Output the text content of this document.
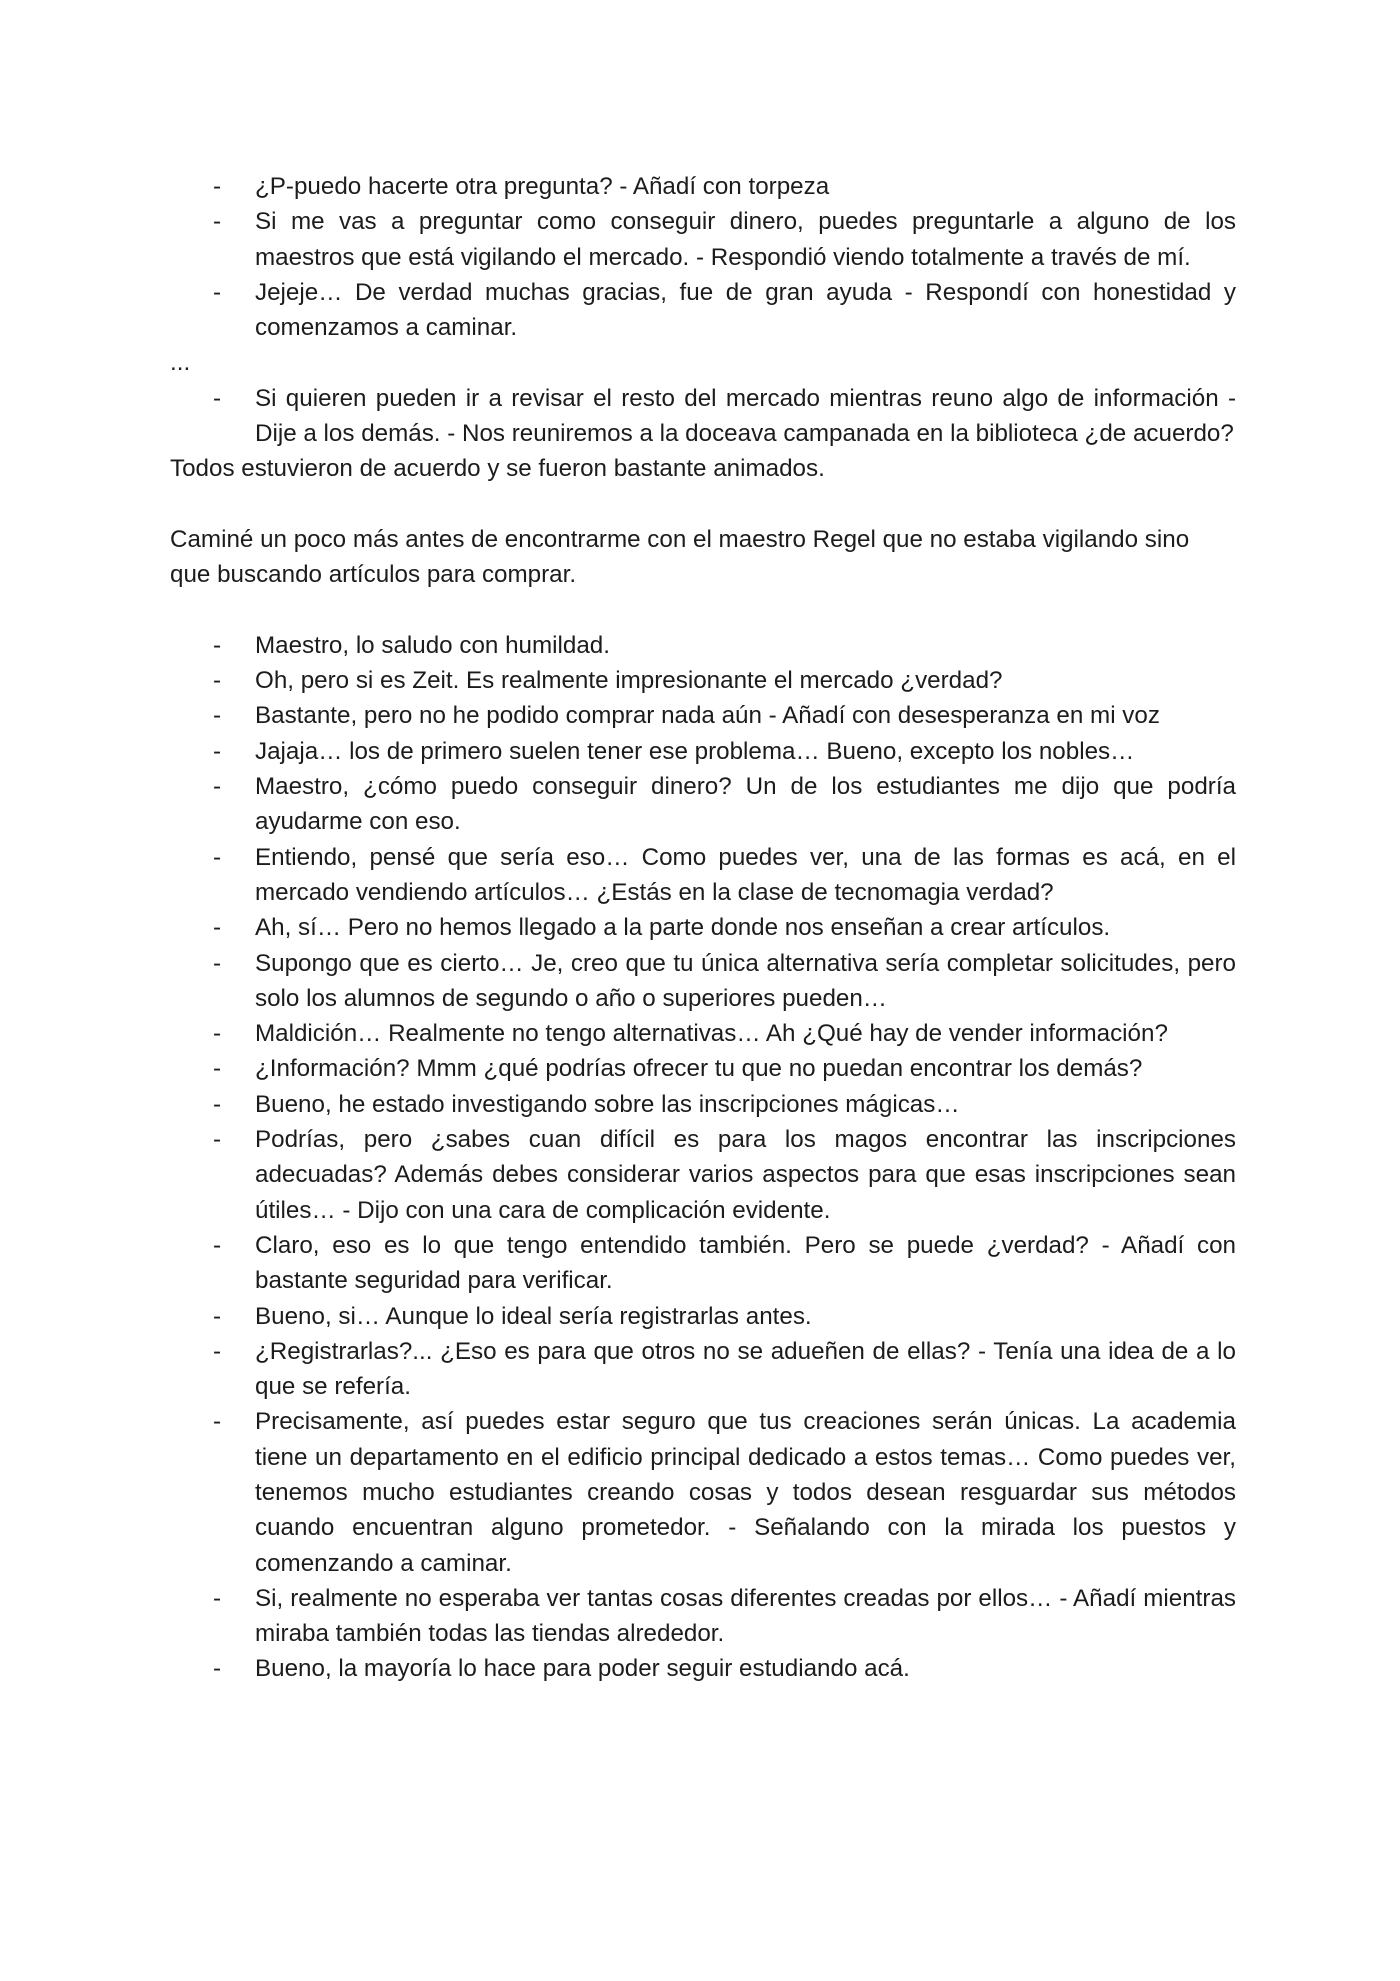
- ¿P-puedo hacerte otra pregunta? - Añadí con torpeza
- Si me vas a preguntar como conseguir dinero, puedes preguntarle a alguno de los maestros que está vigilando el mercado. - Respondió viendo totalmente a través de mí.
- Jejeje… De verdad muchas gracias, fue de gran ayuda - Respondí con honestidad y comenzamos a caminar.
...
- Si quieren pueden ir a revisar el resto del mercado mientras reuno algo de información - Dije a los demás. - Nos reuniremos a la doceava campanada en la biblioteca ¿de acuerdo?
Todos estuvieron de acuerdo y se fueron bastante animados.
Caminé un poco más antes de encontrarme con el maestro Regel que no estaba vigilando sino que buscando artículos para comprar.
- Maestro, lo saludo con humildad.
- Oh, pero si es Zeit. Es realmente impresionante el mercado ¿verdad?
- Bastante, pero no he podido comprar nada aún - Añadí con desesperanza en mi voz
- Jajaja… los de primero suelen tener ese problema… Bueno, excepto los nobles…
- Maestro, ¿cómo puedo conseguir dinero? Un de los estudiantes me dijo que podría ayudarme con eso.
- Entiendo, pensé que sería eso… Como puedes ver, una de las formas es acá, en el mercado vendiendo artículos… ¿Estás en la clase de tecnomagia verdad?
- Ah, sí… Pero no hemos llegado a la parte donde nos enseñan a crear artículos.
- Supongo que es cierto… Je, creo que tu única alternativa sería completar solicitudes, pero solo los alumnos de segundo o año o superiores pueden…
- Maldición… Realmente no tengo alternativas… Ah ¿Qué hay de vender información?
- ¿Información? Mmm ¿qué podrías ofrecer tu que no puedan encontrar los demás?
- Bueno, he estado investigando sobre las inscripciones mágicas…
- Podrías, pero ¿sabes cuan difícil es para los magos encontrar las inscripciones adecuadas? Además debes considerar varios aspectos para que esas inscripciones sean útiles… - Dijo con una cara de complicación evidente.
- Claro, eso es lo que tengo entendido también. Pero se puede ¿verdad? - Añadí con bastante seguridad para verificar.
- Bueno, si… Aunque lo ideal sería registrarlas antes.
- ¿Registrarlas?... ¿Eso es para que otros no se adueñen de ellas? - Tenía una idea de a lo que se refería.
- Precisamente, así puedes estar seguro que tus creaciones serán únicas. La academia tiene un departamento en el edificio principal dedicado a estos temas… Como puedes ver, tenemos mucho estudiantes creando cosas y todos desean resguardar sus métodos cuando encuentran alguno prometedor. - Señalando con la mirada los puestos y comenzando a caminar.
- Si, realmente no esperaba ver tantas cosas diferentes creadas por ellos… - Añadí mientras miraba también todas las tiendas alrededor.
- Bueno, la mayoría lo hace para poder seguir estudiando acá.
